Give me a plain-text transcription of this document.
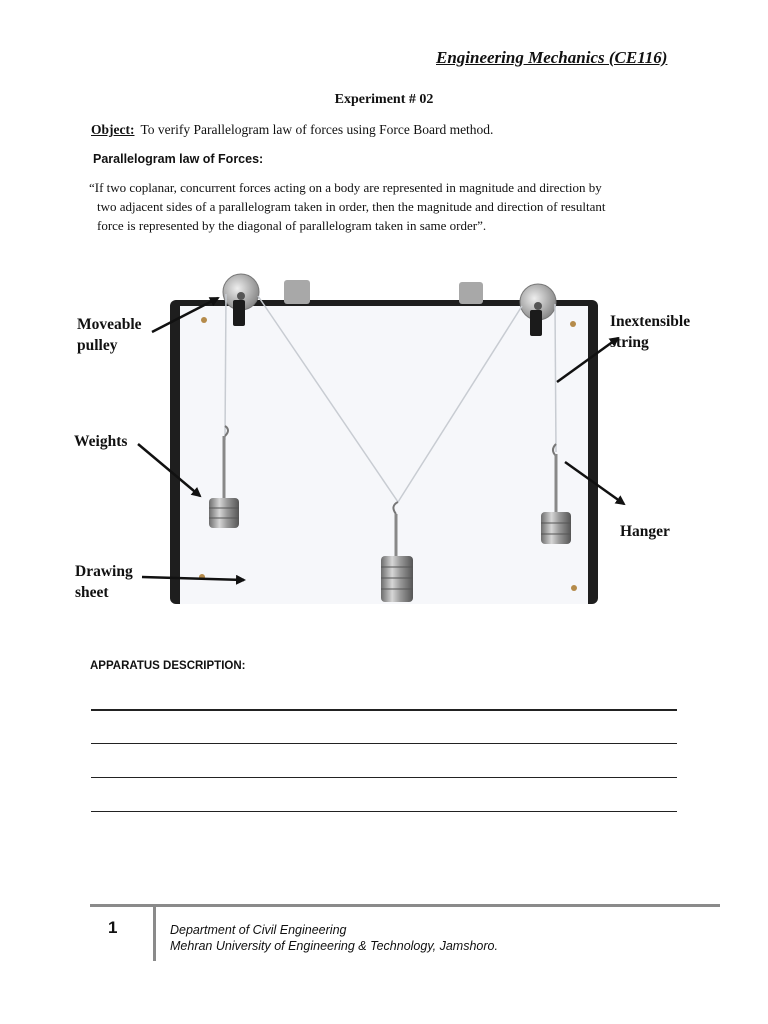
Engineering Mechanics (CE116)
Experiment # 02
Object: To verify Parallelogram law of forces using Force Board method.
Parallelogram law of Forces:
“If two coplanar, concurrent forces acting on a body are represented in magnitude and direction by
two adjacent sides of a parallelogram taken in order, then the magnitude and direction of resultant
force is represented by the diagonal of parallelogram taken in same order”.
Moveable
pulley
Weights
Drawing
sheet
Inextensible
string
Hanger
APPARATUS DESCRIPTION:
1	Department of Civil Engineering
Mehran University of Engineering & Technology, Jamshoro.
